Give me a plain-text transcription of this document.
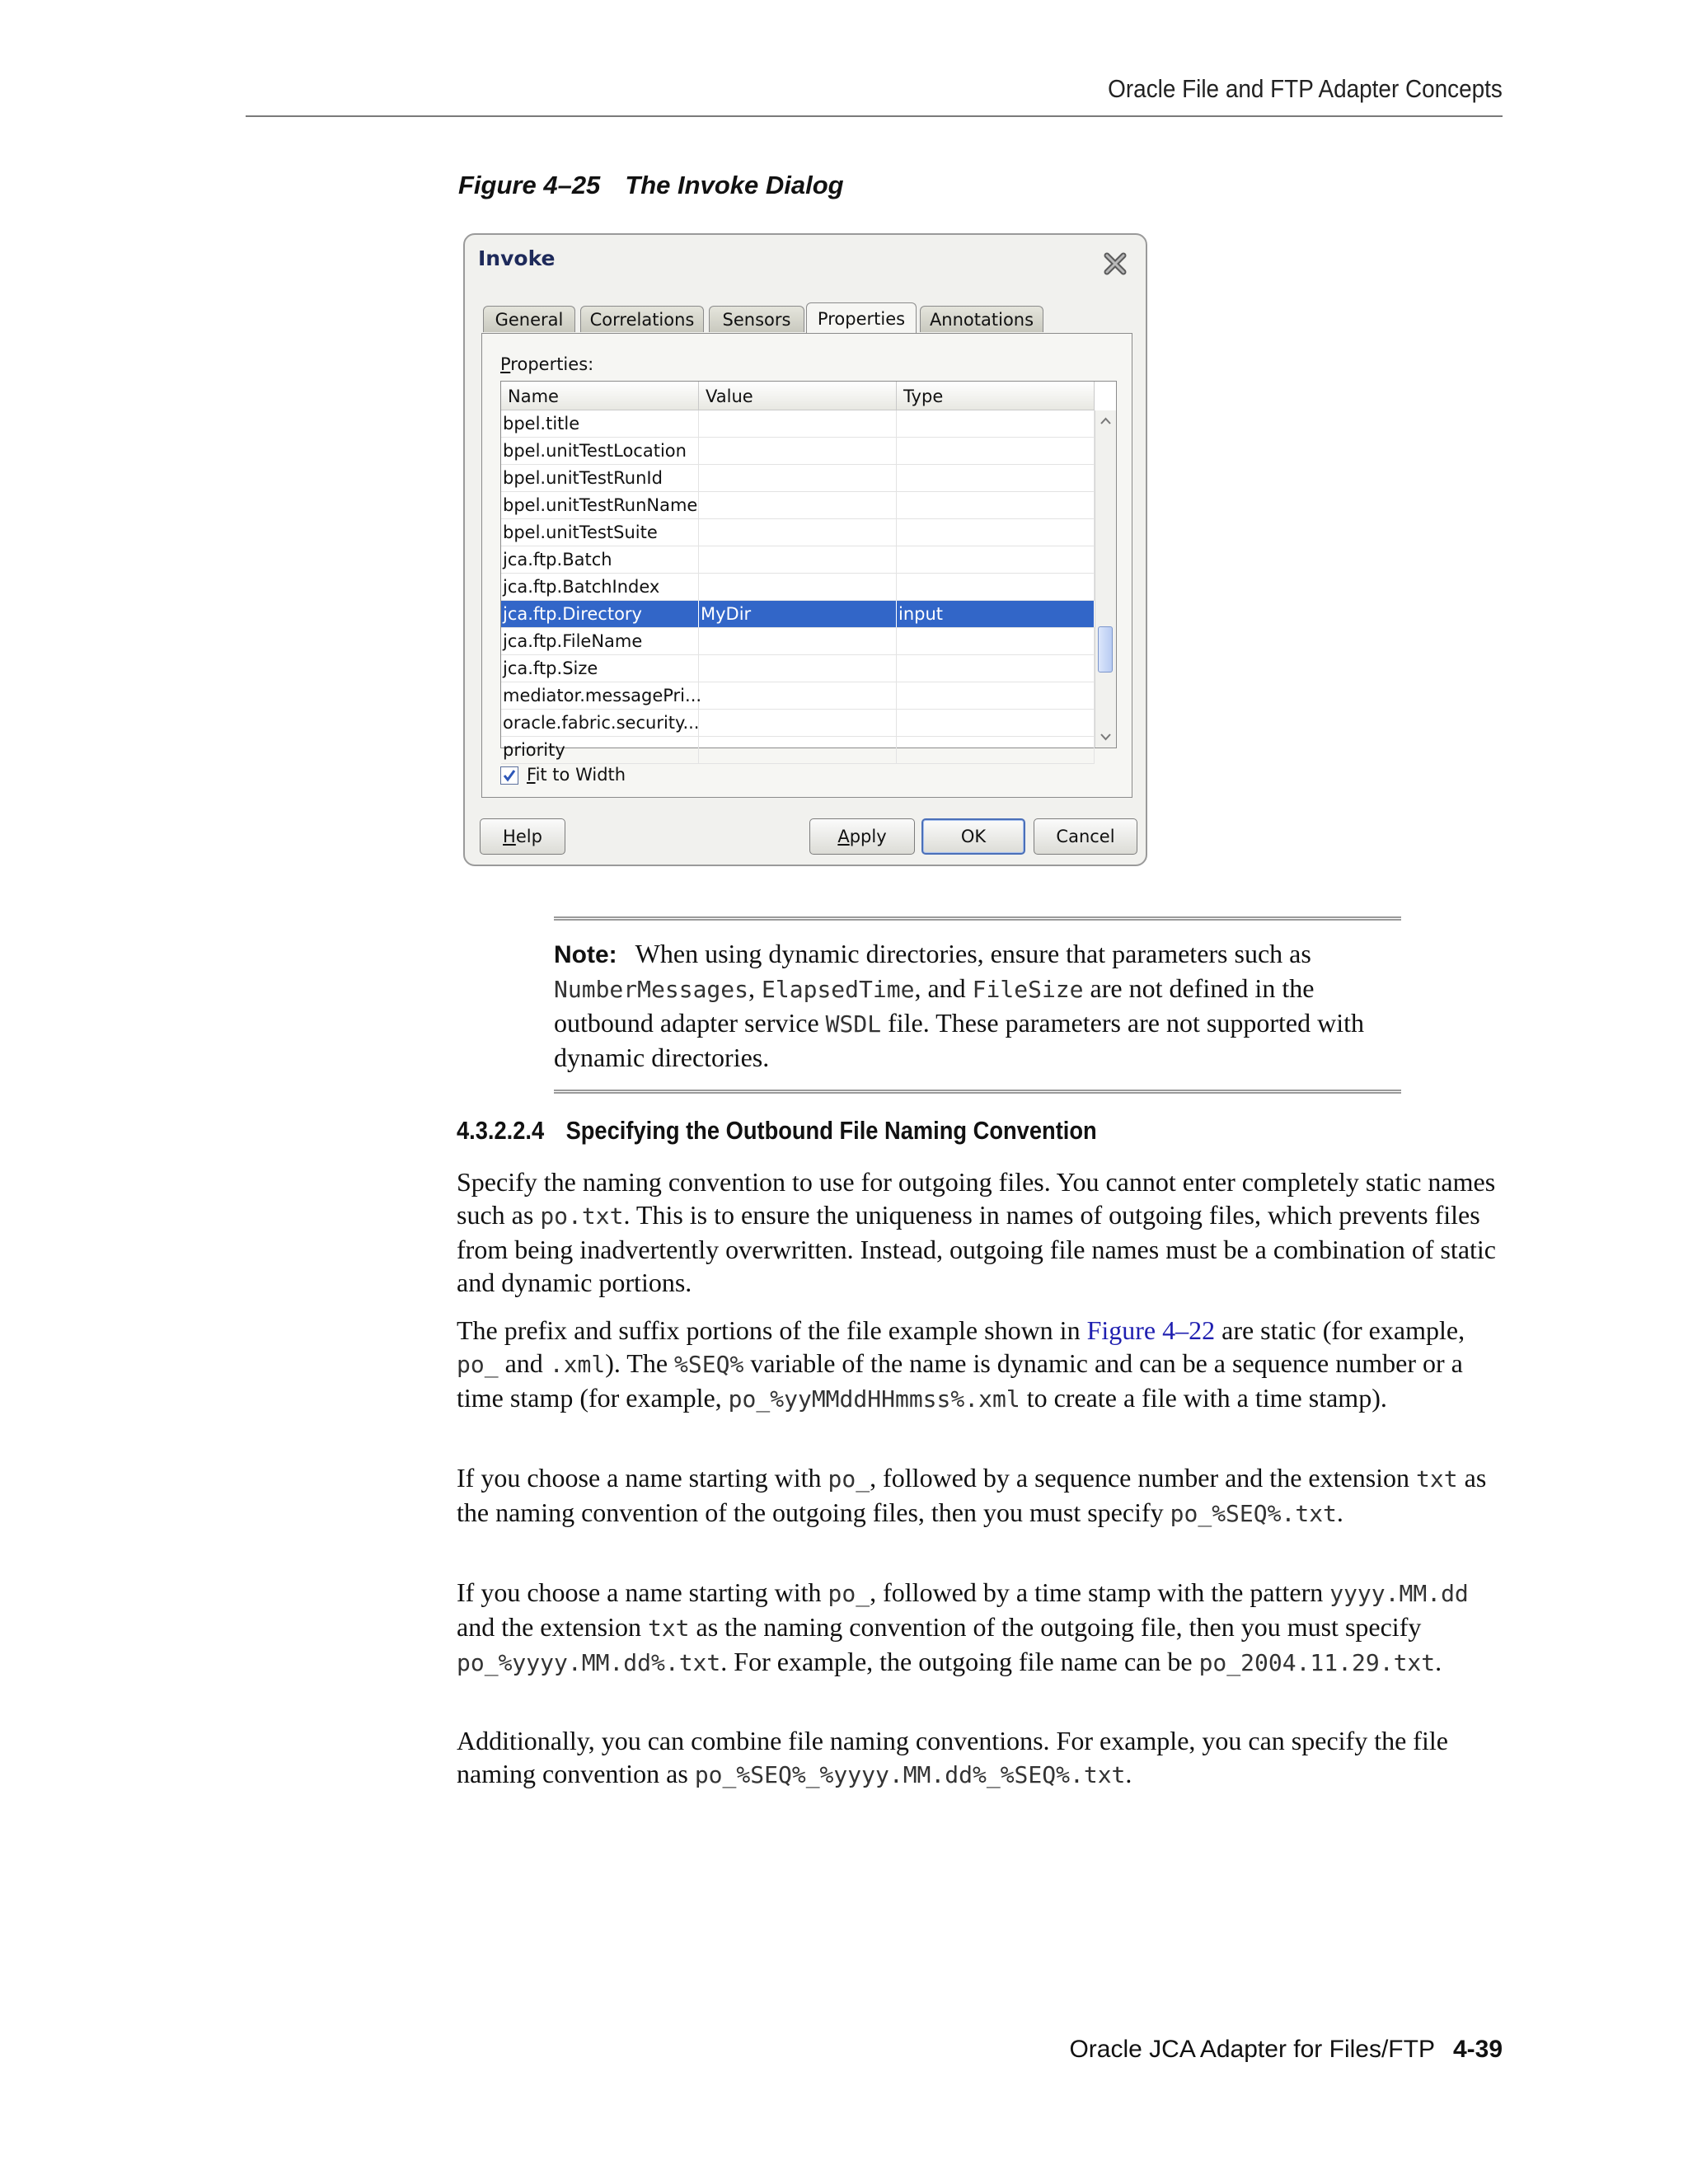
Oracle File and FTP Adapter Concepts
Figure 4–25 The Invoke Dialog
Invoke
General	Correlations	Sensors	Properties	Annotations
Properties:
Name	Value	Type
bpel.title
bpel.unitTestLocation
bpel.unitTestRunId
bpel.unitTestRunName
bpel.unitTestSuite
jca.ftp.Batch
jca.ftp.BatchIndex
jca.ftp.Directory	MyDir	input
jca.ftp.FileName
jca.ftp.Size
mediator.messagePri...
oracle.fabric.security...
priority
Fit to Width
Help	Apply	OK	Cancel

Note: When using dynamic directories, ensure that parameters such as NumberMessages, ElapsedTime, and FileSize are not defined in the outbound adapter service WSDL file. These parameters are not supported with dynamic directories.

4.3.2.2.4 Specifying the Outbound File Naming Convention

Specify the naming convention to use for outgoing files. You cannot enter completely static names such as po.txt. This is to ensure the uniqueness in names of outgoing files, which prevents files from being inadvertently overwritten. Instead, outgoing file names must be a combination of static and dynamic portions.

The prefix and suffix portions of the file example shown in Figure 4–22 are static (for example, po_ and .xml). The %SEQ% variable of the name is dynamic and can be a sequence number or a time stamp (for example, po_%yyMMddHHmmss%.xml to create a file with a time stamp).

If you choose a name starting with po_, followed by a sequence number and the extension txt as the naming convention of the outgoing files, then you must specify po_%SEQ%.txt.

If you choose a name starting with po_, followed by a time stamp with the pattern yyyy.MM.dd and the extension txt as the naming convention of the outgoing file, then you must specify po_%yyyy.MM.dd%.txt. For example, the outgoing file name can be po_2004.11.29.txt.

Additionally, you can combine file naming conventions. For example, you can specify the file naming convention as po_%SEQ%_%yyyy.MM.dd%_%SEQ%.txt.

Oracle JCA Adapter for Files/FTP 4-39
